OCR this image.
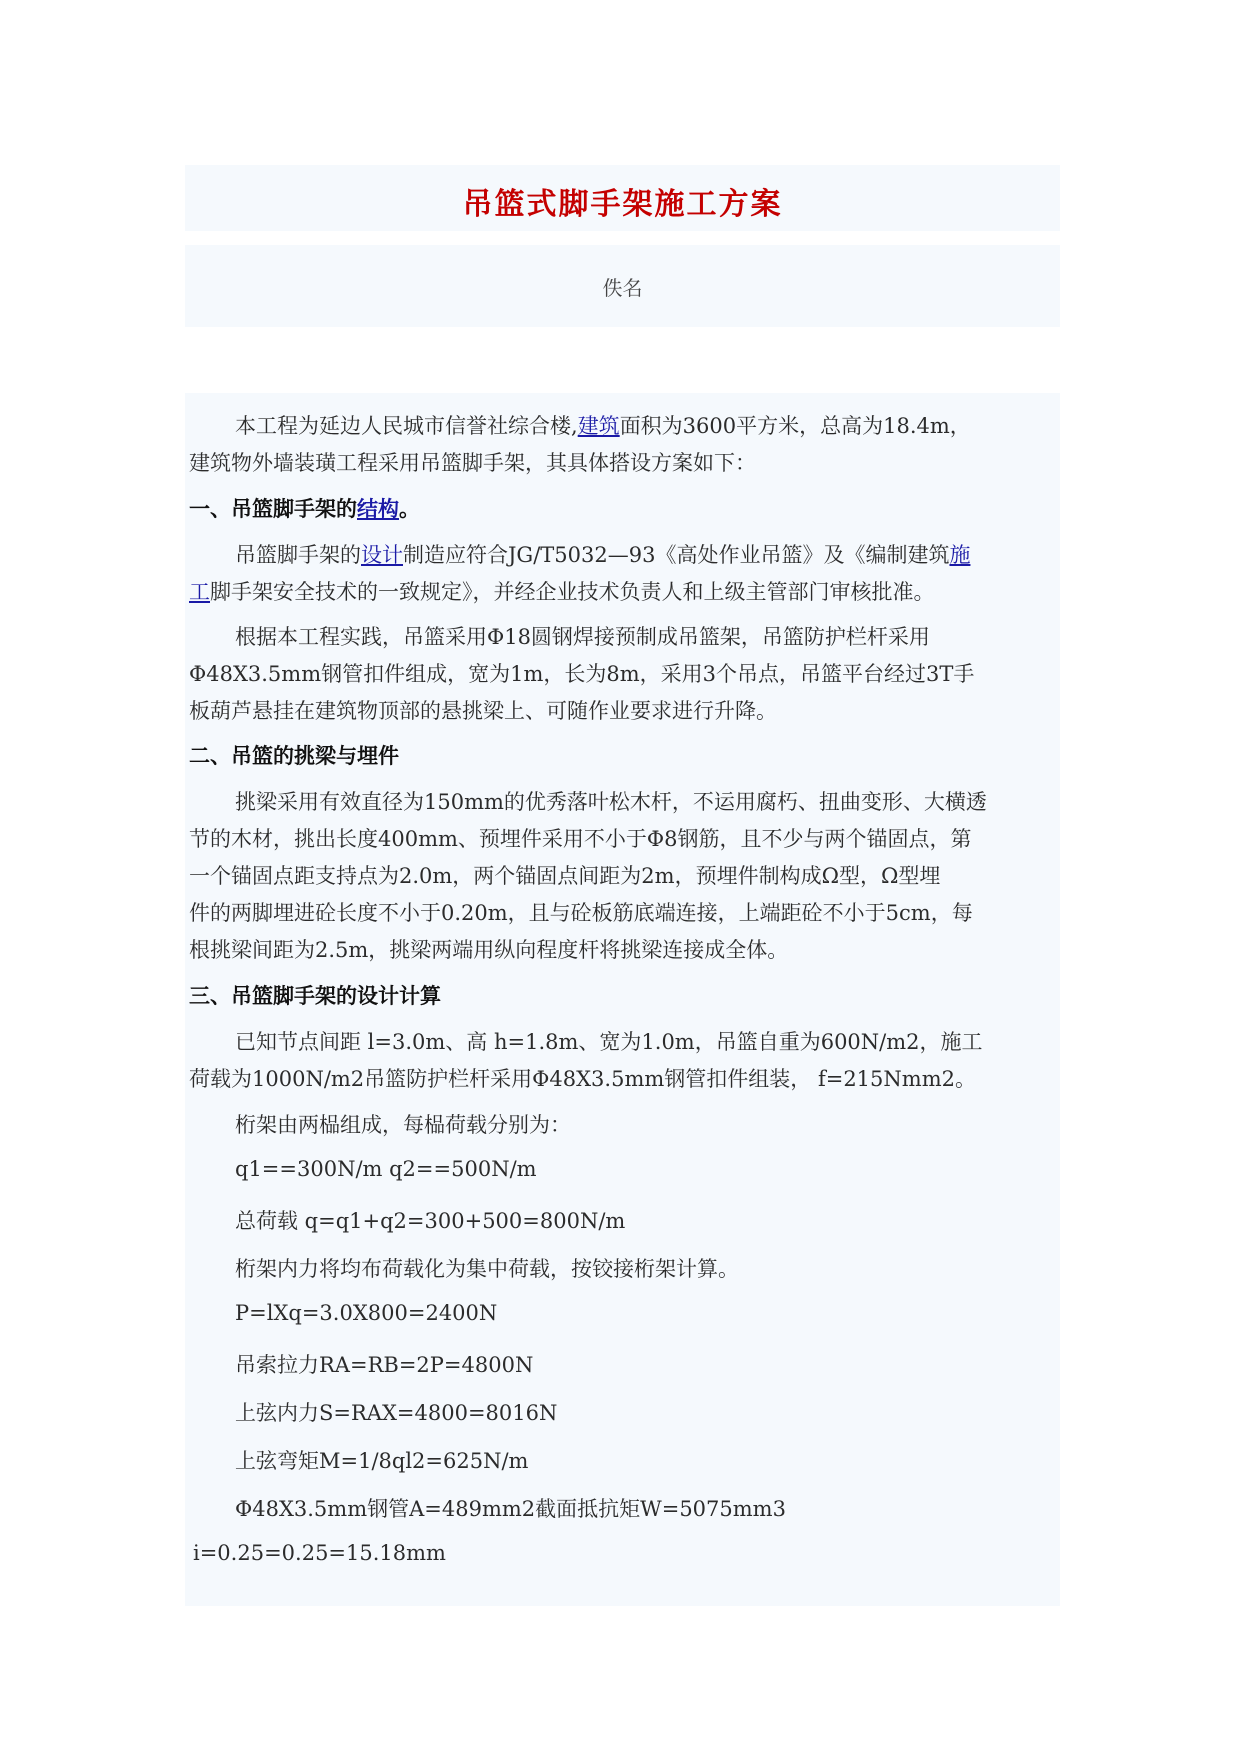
吊篮式脚手架施工方案
佚名
本工程为延边人民城市信誉社综合楼,建筑面积为3600平方米，总高为18.4m，
建筑物外墙装璜工程采用吊篮脚手架，其具体搭设方案如下：
一、吊篮脚手架的结构。
吊篮脚手架的设计制造应符合JG/T5032—93《高处作业吊篮》及《编制建筑施
工脚手架安全技术的一致规定》，并经企业技术负责人和上级主管部门审核批准。
根据本工程实践，吊篮采用Φ18圆钢焊接预制成吊篮架，吊篮防护栏杆采用
Φ48X3.5mm钢管扣件组成，宽为1m，长为8m，采用3个吊点，吊篮平台经过3T手
板葫芦悬挂在建筑物顶部的悬挑梁上、可随作业要求进行升降。
二、吊篮的挑梁与埋件
挑梁采用有效直径为150mm的优秀落叶松木杆，不运用腐朽、扭曲变形、大横透
节的木材，挑出长度400mm、预埋件采用不小于Φ8钢筋，且不少与两个锚固点，第
一个锚固点距支持点为2.0m，两个锚固点间距为2m，预埋件制构成Ω型，Ω型埋
件的两脚埋进砼长度不小于0.20m，且与砼板筋底端连接，上端距砼不小于5cm，每
根挑梁间距为2.5m，挑梁两端用纵向程度杆将挑梁连接成全体。
三、吊篮脚手架的设计计算
已知节点间距 l=3.0m、高 h=1.8m、宽为1.0m，吊篮自重为600N/m2，施工
荷载为1000N/m2吊篮防护栏杆采用Φ48X3.5mm钢管扣件组装， f=215Nmm2。
桁架由两榀组成，每榀荷载分别为：
q1==300N/m q2==500N/m
总荷载 q=q1+q2=300+500=800N/m
桁架内力将均布荷载化为集中荷载，按铰接桁架计算。
P=lXq=3.0X800=2400N
吊索拉力RA=RB=2P=4800N
上弦内力S=RAX=4800=8016N
上弦弯矩M=1/8ql2=625N/m
Φ48X3.5mm钢管A=489mm2截面抵抗矩W=5075mm3
i=0.25=0.25=15.18mm
